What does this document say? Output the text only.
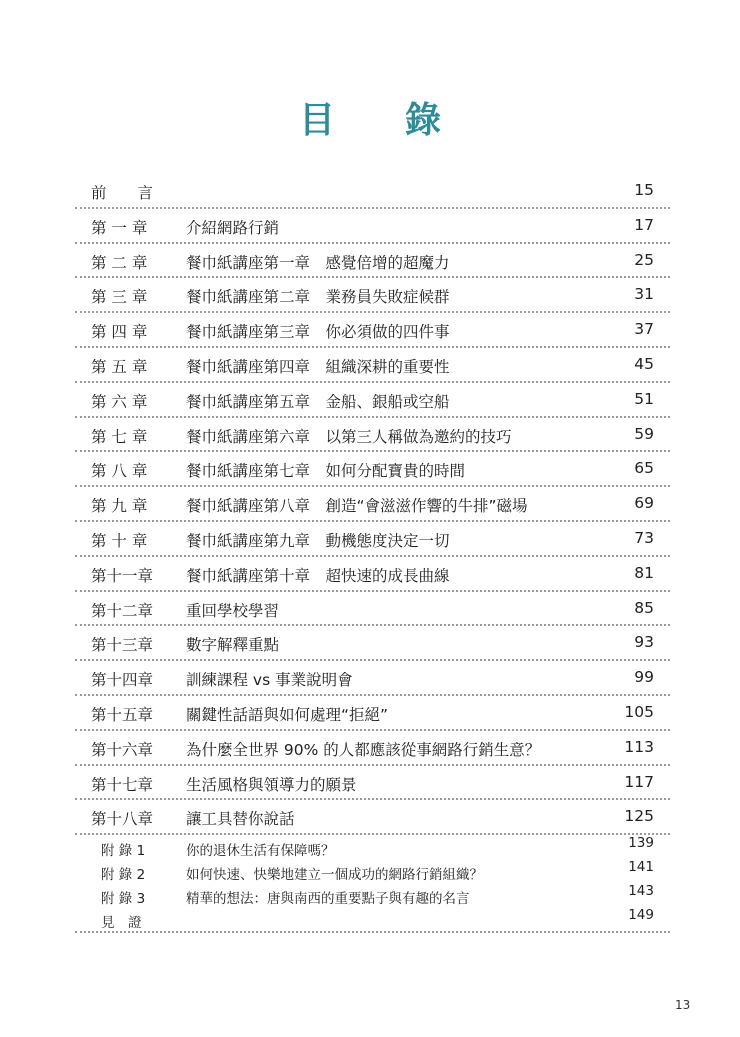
目 錄
前　　言	15
第 一 章	介紹網路行銷	17
第 二 章	餐巾紙講座第一章　感覺倍增的超魔力	25
第 三 章	餐巾紙講座第二章　業務員失敗症候群	31
第 四 章	餐巾紙講座第三章　你必須做的四件事	37
第 五 章	餐巾紙講座第四章　組織深耕的重要性	45
第 六 章	餐巾紙講座第五章　金船、銀船或空船	51
第 七 章	餐巾紙講座第六章　以第三人稱做為邀約的技巧	59
第 八 章	餐巾紙講座第七章　如何分配寶貴的時間	65
第 九 章	餐巾紙講座第八章　創造“會滋滋作響的牛排”磁場	69
第 十 章	餐巾紙講座第九章　動機態度決定一切	73
第十一章	餐巾紙講座第十章　超快速的成長曲線	81
第十二章	重回學校學習	85
第十三章	數字解釋重點	93
第十四章	訓練課程 vs 事業說明會	99
第十五章	關鍵性話語與如何處理“拒絕”	105
第十六章	為什麼全世界 90% 的人都應該從事網路行銷生意？	113
第十七章	生活風格與領導力的願景	117
第十八章	讓工具替你說話	125
附 錄 1	你的退休生活有保障嗎？	139
附 錄 2	如何快速、快樂地建立一個成功的網路行銷組織？	141
附 錄 3	精華的想法：唐與南西的重要點子與有趣的名言	143
見　證	149
13
